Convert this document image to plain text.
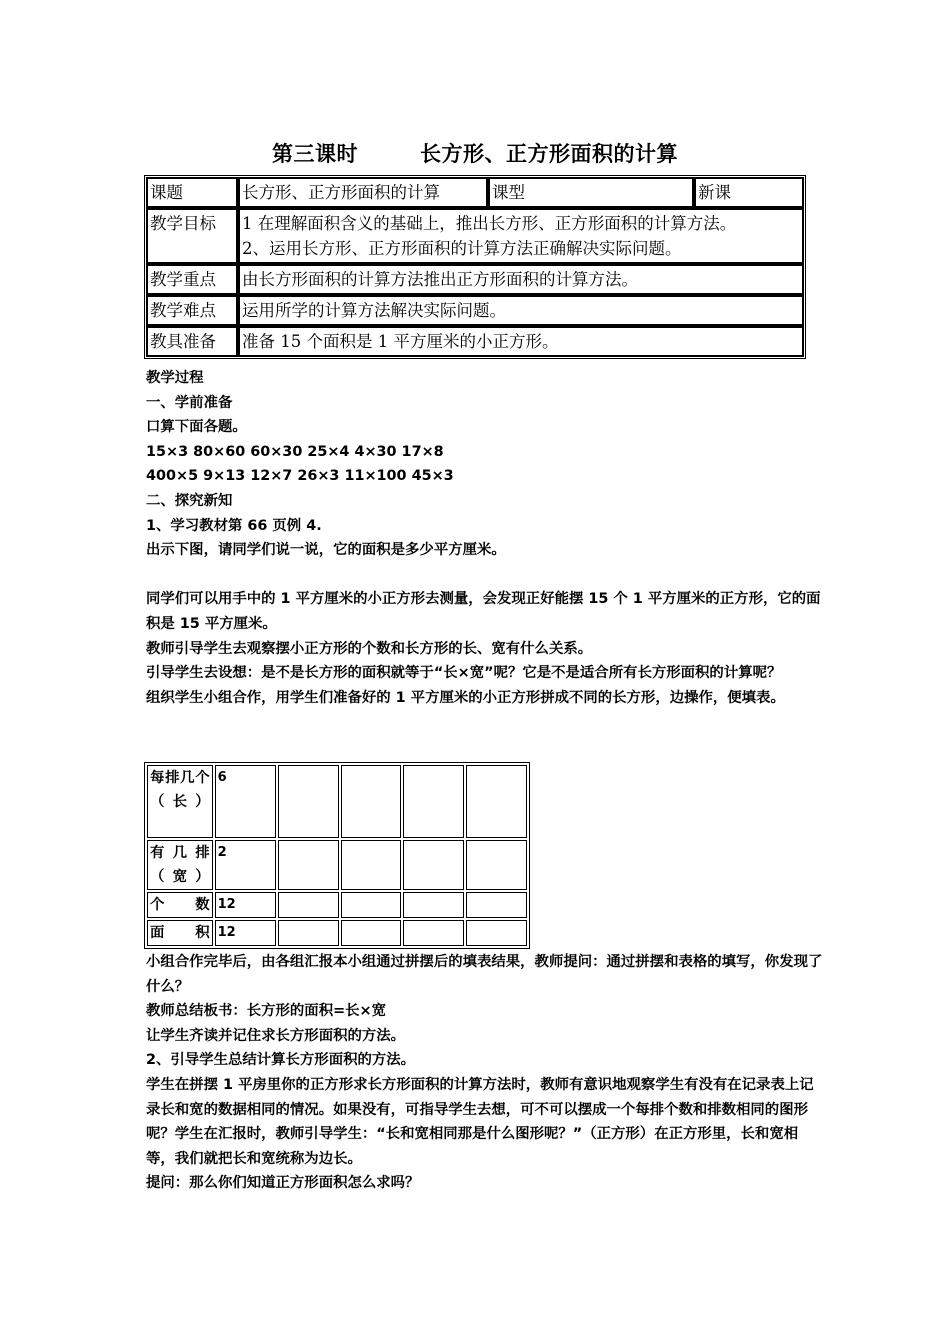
第三课时	长方形、正方形面积的计算
课题	长方形、正方形面积的计算	课型	新课
教学目标	1 在理解面积含义的基础上，推出长方形、正方形面积的计算方法。
2、运用长方形、正方形面积的计算方法正确解决实际问题。		

教学重点	由长方形面积的计算方法推出正方形面积的计算方法。		
教学难点	运用所学的计算方法解决实际问题。		
教具准备	准备 15 个面积是 1 平方厘米的小正方形。		

教学过程

一、学前准备

口算下面各题。

15×3 80×60 60×30 25×4 4×30 17×8

400×5 9×13 12×7 26×3 11×100 45×3

二、探究新知

1、学习教材第 66 页例 4.

出示下图，请同学们说一说，它的面积是多少平方厘米。

同学们可以用手中的 1 平方厘米的小正方形去测量，会发现正好能摆 15 个 1 平方厘米的正方形，它的面积是 15 平方厘米。

教师引导学生去观察摆小正方形的个数和长方形的长、宽有什么关系。

引导学生去设想：是不是长方形的面积就等于“长×宽”呢？它是不是适合所有长方形面积的计算呢？

组织学生小组合作，用学生们准备好的 1 平方厘米的小正方形拼成不同的长方形，边操作，便填表。

每排几个（长）	6				
有几排（宽）	2				
个数	12				
面积	12				

小组合作完毕后，由各组汇报本小组通过拼摆后的填表结果，教师提问：通过拼摆和表格的填写，你发现了什么？

教师总结板书：长方形的面积=长×宽

让学生齐读并记住求长方形面积的方法。

2、引导学生总结计算长方形面积的方法。

学生在拼摆 1 平房里你的正方形求长方形面积的计算方法时，教师有意识地观察学生有没有在记录表上记录长和宽的数据相同的情况。如果没有，可指导学生去想，可不可以摆成一个每排个数和排数相同的图形呢？学生在汇报时，教师引导学生：“长和宽相同那是什么图形呢？”（正方形）在正方形里，长和宽相等，我们就把长和宽统称为边长。

提问：那么你们知道正方形面积怎么求吗？
